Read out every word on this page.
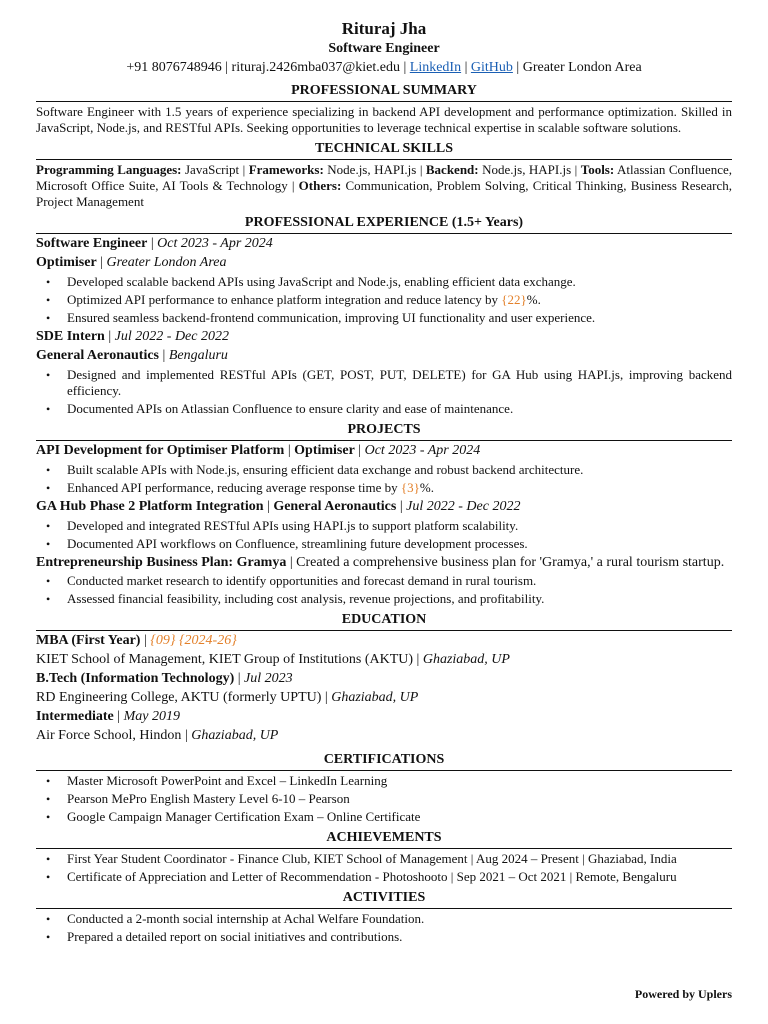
Rituraj Jha
Software Engineer
+91 8076748946 | rituraj.2426mba037@kiet.edu | LinkedIn | GitHub | Greater London Area
PROFESSIONAL SUMMARY
Software Engineer with 1.5 years of experience specializing in backend API development and performance optimization. Skilled in JavaScript, Node.js, and RESTful APIs. Seeking opportunities to leverage technical expertise in scalable software solutions.
TECHNICAL SKILLS
Programming Languages: JavaScript | Frameworks: Node.js, HAPI.js | Backend: Node.js, HAPI.js | Tools: Atlassian Confluence, Microsoft Office Suite, AI Tools & Technology | Others: Communication, Problem Solving, Critical Thinking, Business Research, Project Management
PROFESSIONAL EXPERIENCE (1.5+ Years)
Software Engineer | Oct 2023 - Apr 2024
Optimiser | Greater London Area
• Developed scalable backend APIs using JavaScript and Node.js, enabling efficient data exchange.
• Optimized API performance to enhance platform integration and reduce latency by {22}%.
• Ensured seamless backend-frontend communication, improving UI functionality and user experience.
SDE Intern | Jul 2022 - Dec 2022
General Aeronautics | Bengaluru
• Designed and implemented RESTful APIs (GET, POST, PUT, DELETE) for GA Hub using HAPI.js, improving backend efficiency.
• Documented APIs on Atlassian Confluence to ensure clarity and ease of maintenance.
PROJECTS
API Development for Optimiser Platform | Optimiser | Oct 2023 - Apr 2024
• Built scalable APIs with Node.js, ensuring efficient data exchange and robust backend architecture.
• Enhanced API performance, reducing average response time by {3}%.
GA Hub Phase 2 Platform Integration | General Aeronautics | Jul 2022 - Dec 2022
• Developed and integrated RESTful APIs using HAPI.js to support platform scalability.
• Documented API workflows on Confluence, streamlining future development processes.
Entrepreneurship Business Plan: Gramya | Created a comprehensive business plan for 'Gramya,' a rural tourism startup.
• Conducted market research to identify opportunities and forecast demand in rural tourism.
• Assessed financial feasibility, including cost analysis, revenue projections, and profitability.
EDUCATION
MBA (First Year) | {09} {2024-26}
KIET School of Management, KIET Group of Institutions (AKTU) | Ghaziabad, UP
B.Tech (Information Technology) | Jul 2023
RD Engineering College, AKTU (formerly UPTU) | Ghaziabad, UP
Intermediate | May 2019
Air Force School, Hindon | Ghaziabad, UP
CERTIFICATIONS
• Master Microsoft PowerPoint and Excel – LinkedIn Learning
• Pearson MePro English Mastery Level 6-10 – Pearson
• Google Campaign Manager Certification Exam – Online Certificate
ACHIEVEMENTS
• First Year Student Coordinator - Finance Club, KIET School of Management | Aug 2024 – Present | Ghaziabad, India
• Certificate of Appreciation and Letter of Recommendation - Photoshooto | Sep 2021 – Oct 2021 | Remote, Bengaluru
ACTIVITIES
• Conducted a 2-month social internship at Achal Welfare Foundation.
• Prepared a detailed report on social initiatives and contributions.
Powered by Uplers
